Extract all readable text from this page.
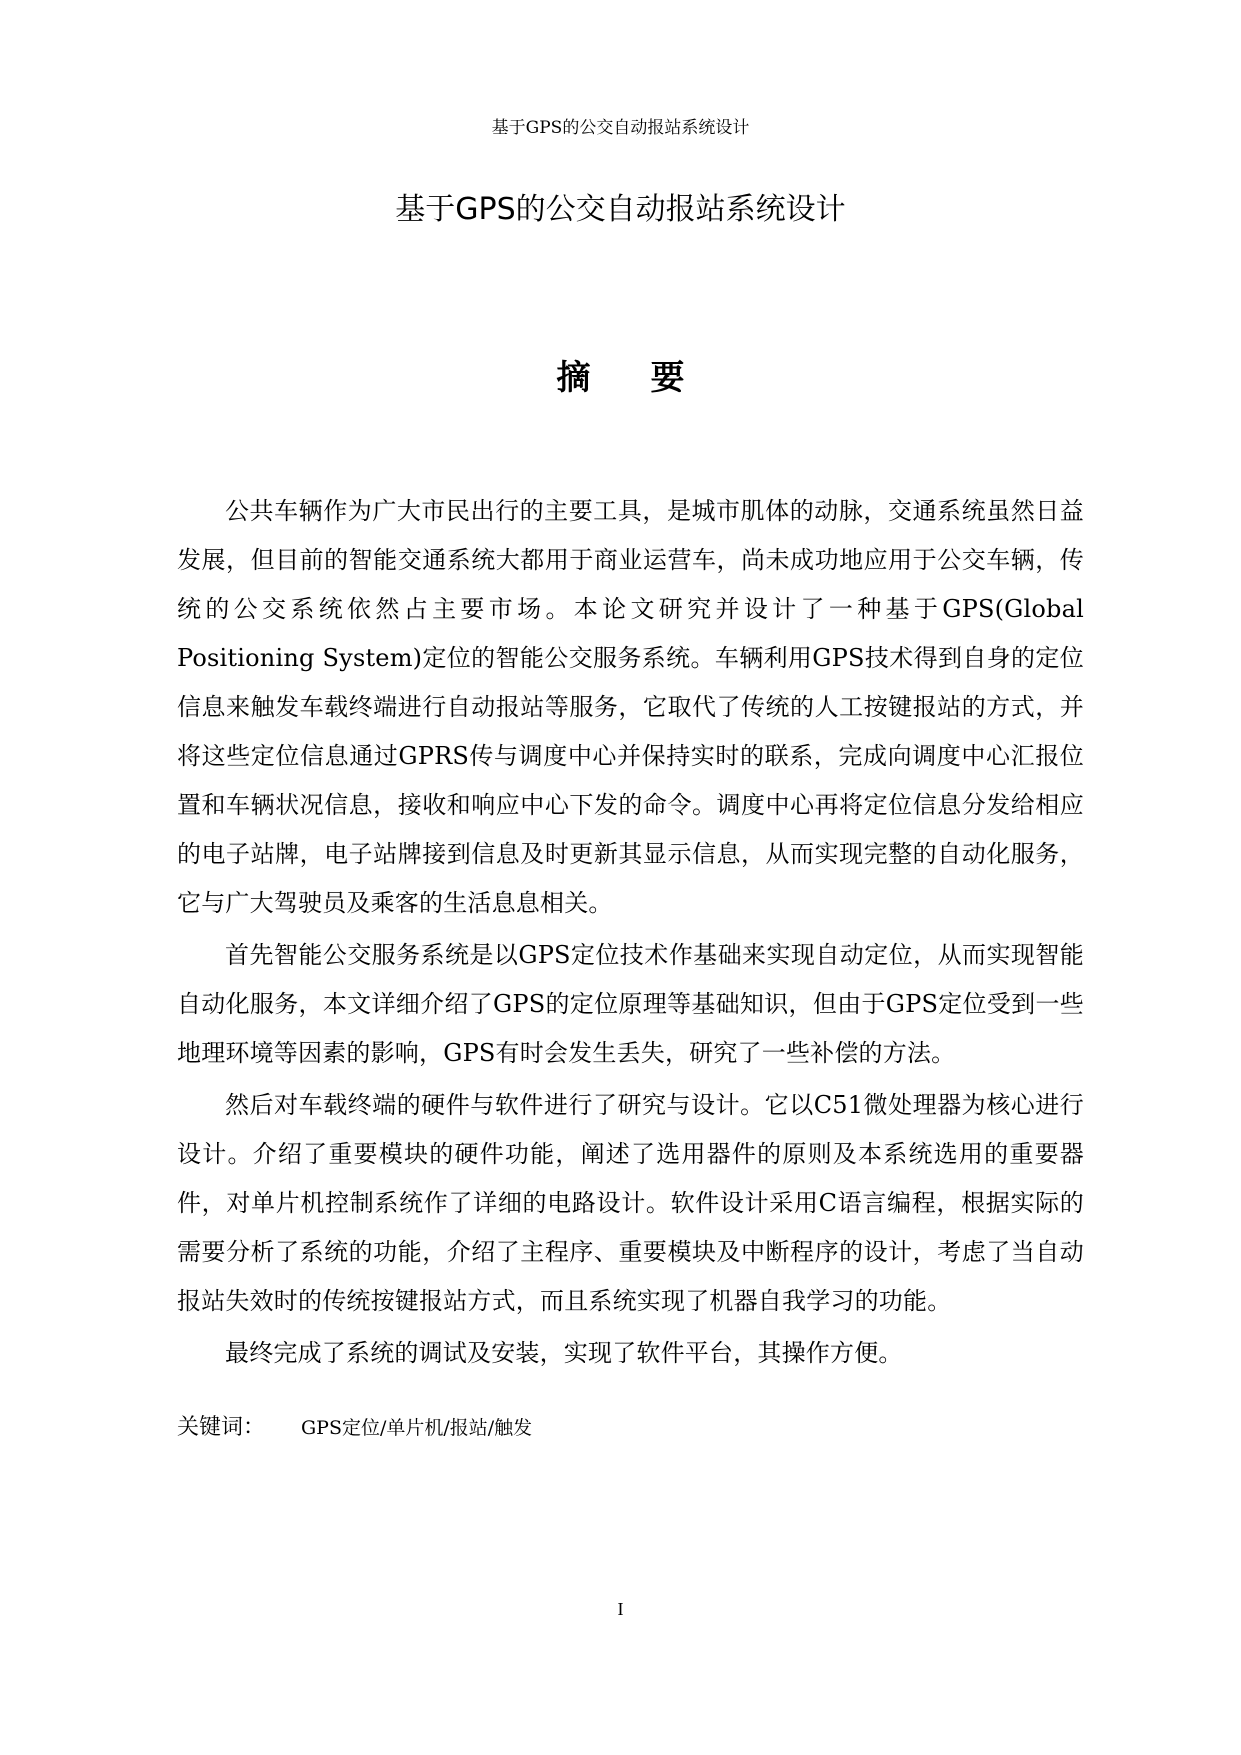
基于GPS的公交自动报站系统设计
基于GPS的公交自动报站系统设计
摘要

公共车辆作为广大市民出行的主要工具，是城市肌体的动脉，交通系统虽然日益发展，但目前的智能交通系统大都用于商业运营车，尚未成功地应用于公交车辆，传统的公交系统依然占主要市场。本论文研究并设计了一种基于GPS(Global Positioning System)定位的智能公交服务系统。车辆利用GPS技术得到自身的定位信息来触发车载终端进行自动报站等服务，它取代了传统的人工按键报站的方式，并将这些定位信息通过GPRS传与调度中心并保持实时的联系，完成向调度中心汇报位置和车辆状况信息，接收和响应中心下发的命令。调度中心再将定位信息分发给相应的电子站牌，电子站牌接到信息及时更新其显示信息，从而实现完整的自动化服务，它与广大驾驶员及乘客的生活息息相关。

首先智能公交服务系统是以GPS定位技术作基础来实现自动定位，从而实现智能自动化服务，本文详细介绍了GPS的定位原理等基础知识，但由于GPS定位受到一些地理环境等因素的影响，GPS有时会发生丢失，研究了一些补偿的方法。

然后对车载终端的硬件与软件进行了研究与设计。它以C51微处理器为核心进行设计。介绍了重要模块的硬件功能，阐述了选用器件的原则及本系统选用的重要器件，对单片机控制系统作了详细的电路设计。软件设计采用C语言编程，根据实际的需要分析了系统的功能，介绍了主程序、重要模块及中断程序的设计，考虑了当自动报站失效时的传统按键报站方式，而且系统实现了机器自我学习的功能。

最终完成了系统的调试及安装，实现了软件平台，其操作方便。

关键词： GPS定位/单片机/报站/触发
I
